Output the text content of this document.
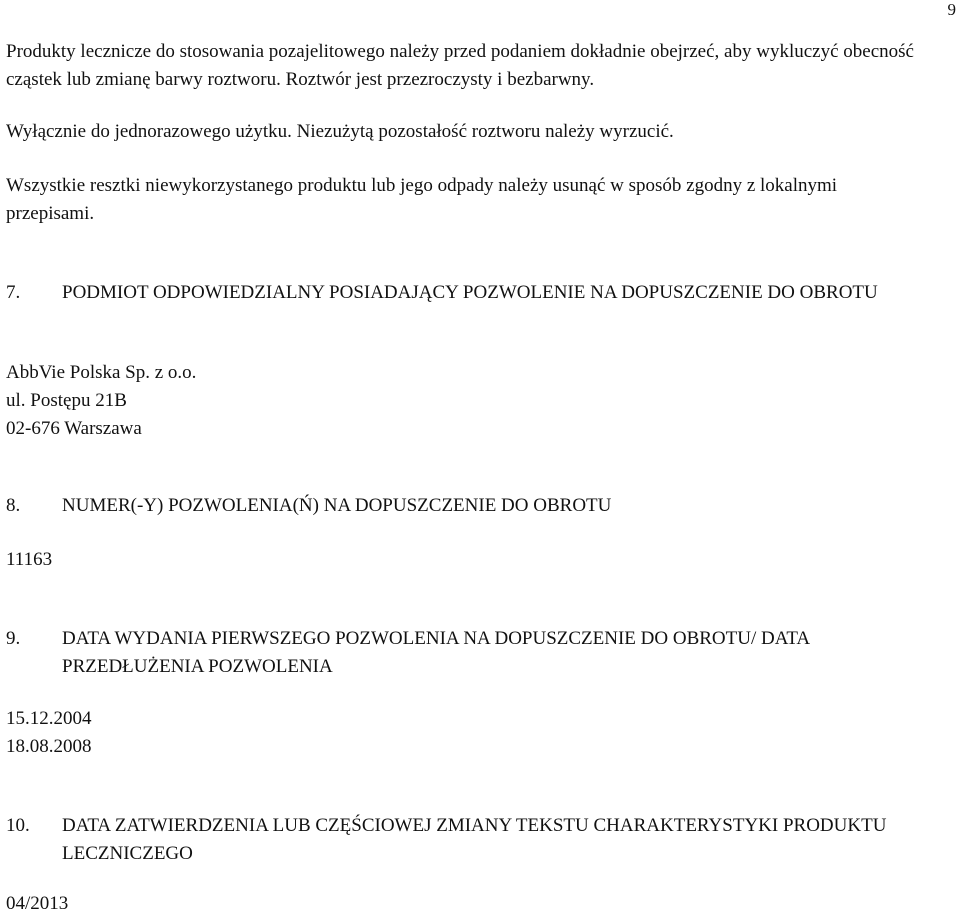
9

Produkty lecznicze do stosowania pozajelitowego należy przed podaniem dokładnie obejrzeć, aby wykluczyć obecność cząstek lub zmianę barwy roztworu. Roztwór jest przezroczysty i bezbarwny.

Wyłącznie do jednorazowego użytku. Niezużytą pozostałość roztworu należy wyrzucić.

Wszystkie resztki niewykorzystanego produktu lub jego odpady należy usunąć w sposób zgodny z lokalnymi przepisami.

7.	PODMIOT ODPOWIEDZIALNY POSIADAJĄCY POZWOLENIE NA DOPUSZCZENIE DO OBROTU

AbbVie Polska Sp. z o.o.

ul. Postępu 21B

02-676 Warszawa

8.	NUMER(-Y) POZWOLENIA(Ń) NA DOPUSZCZENIE DO OBROTU

11163

9.	DATA WYDANIA PIERWSZEGO POZWOLENIA NA DOPUSZCZENIE DO OBROTU/ DATA PRZEDŁUŻENIA POZWOLENIA

15.12.2004

18.08.2008

10.	DATA ZATWIERDZENIA LUB CZĘŚCIOWEJ ZMIANY TEKSTU CHARAKTERYSTYKI PRODUKTU LECZNICZEGO

04/2013
